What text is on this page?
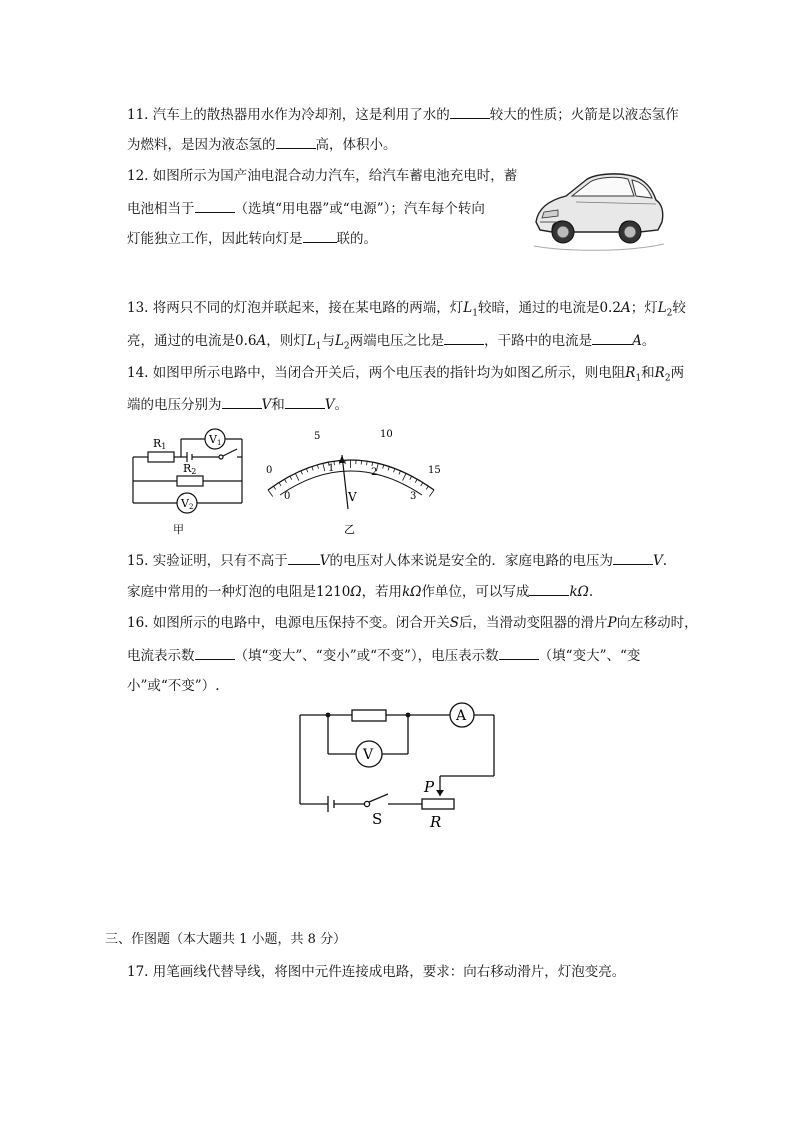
11. 汽车上的散热器用水作为冷却剂，这是利用了水的	较大的性质；火箭是以液态氢作
为燃料，是因为液态氢的	高，体积小。
12. 如图所示为国产油电混合动力汽车，给汽车蓄电池充电时，蓄
电池相当于	（选填“用电器”或“电源”）；汽车每个转向
灯能独立工作，因此转向灯是	联的。
13. 将两只不同的灯泡并联起来，接在某电路的两端，灯$L_1$较暗，通过的电流是0.2A；灯$L_2$较
亮，通过的电流是0.6A，则灯$L_1$与$L_2$两端电压之比是	，干路中的电流是	A。
14. 如图甲所示电路中，当闭合开关后，两个电压表的指针均为如图乙所示，则电阻$R_1$和$R_2$两
端的电压分别为	V和	V。
R1
R2
V1
V2
甲
0
5	10
15
0
1	2
3
V
乙
15. 实验证明，只有不高于 V的电压对人体来说是安全的．家庭电路的电压为	V.
家庭中常用的一种灯泡的电阻是1210Ω，若用kΩ作单位，可以写成	kΩ.
16. 如图所示的电路中，电源电压保持不变。闭合开关S后，当滑动变阻器的滑片P向左移动时，
电流表示数	（填“变大”、“变小”或“不变”），电压表示数	（填“变大”、“变
小”或“不变”）.
A
V
S
P
R
三、作图题（本大题共 1 小题，共 8 分）
17. 用笔画线代替导线，将图中元件连接成电路，要求：向右移动滑片，灯泡变亮。
